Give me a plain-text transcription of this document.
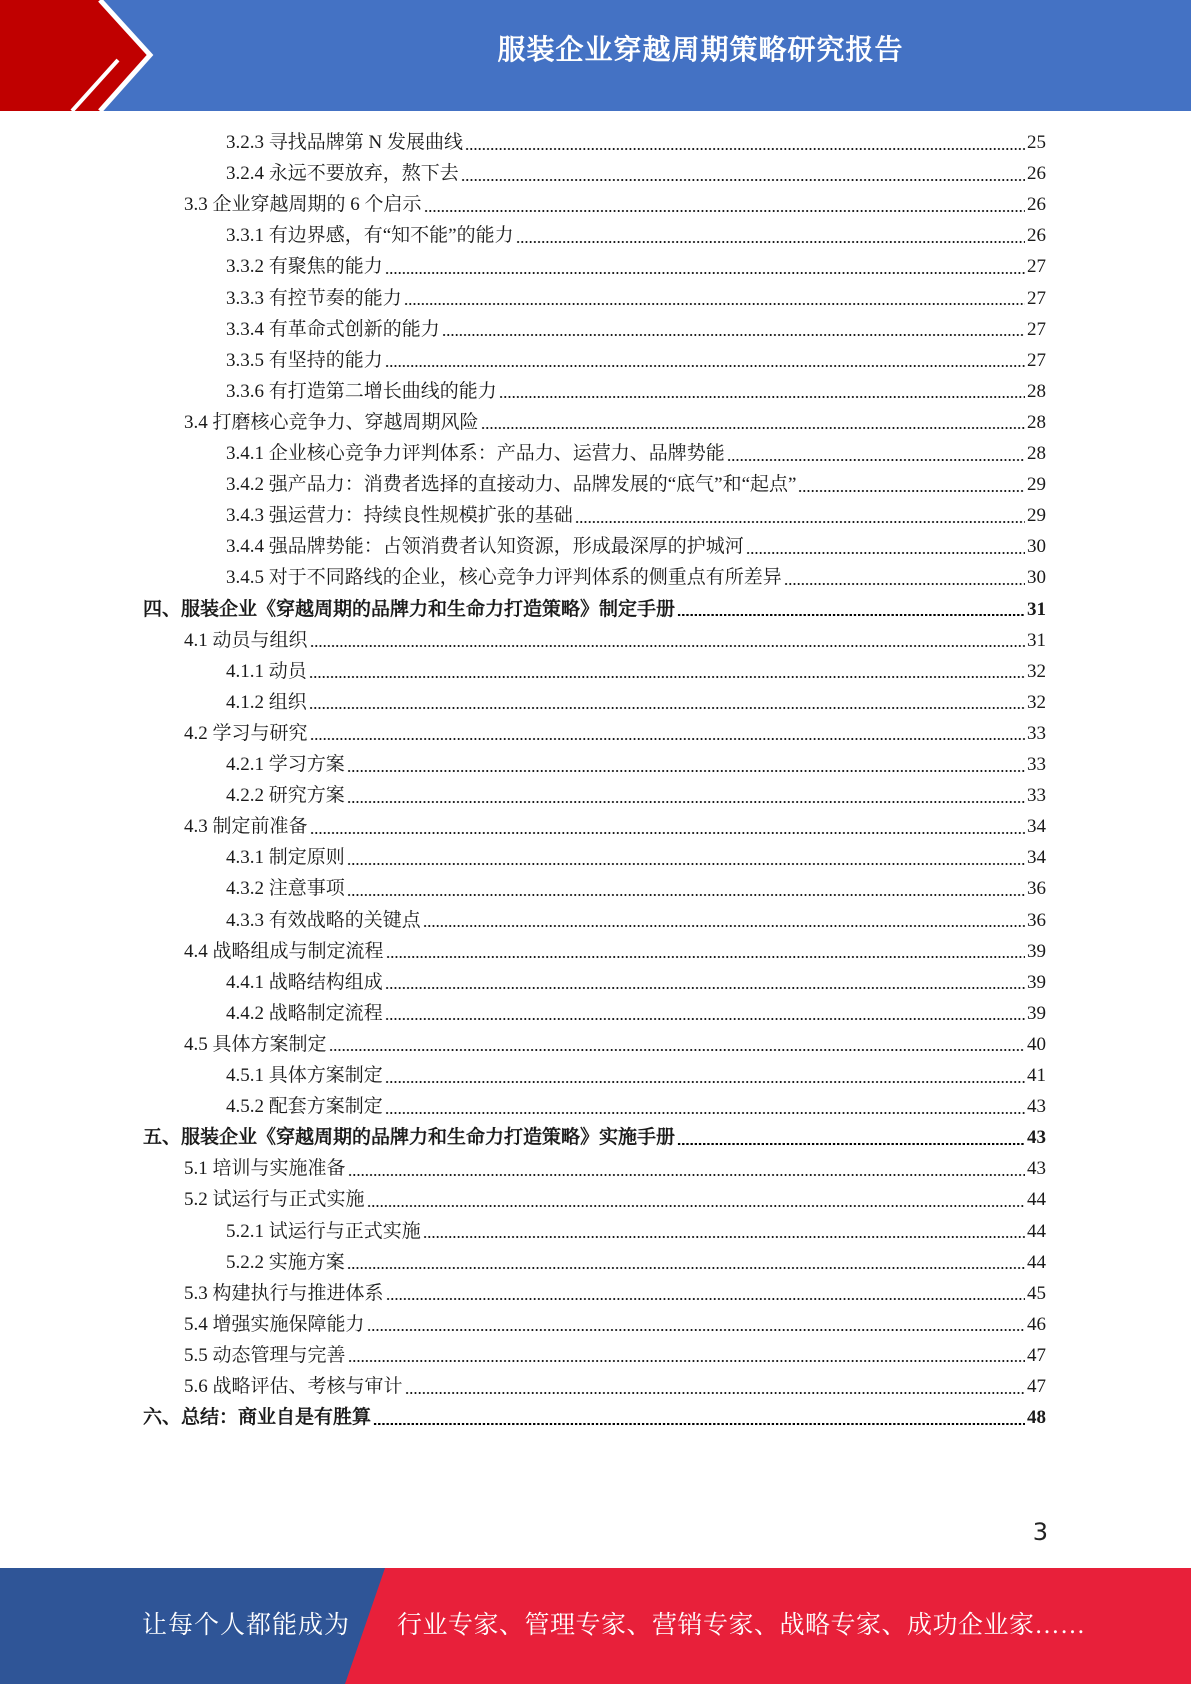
服装企业穿越周期策略研究报告
3.2.3 寻找品牌第 N 发展曲线	25
3.2.4 永远不要放弃，熬下去	26
3.3 企业穿越周期的 6 个启示	26
3.3.1 有边界感，有“知不能”的能力	26
3.3.2 有聚焦的能力	27
3.3.3 有控节奏的能力	27
3.3.4 有革命式创新的能力	27
3.3.5 有坚持的能力	27
3.3.6 有打造第二增长曲线的能力	28
3.4 打磨核心竞争力、穿越周期风险	28
3.4.1 企业核心竞争力评判体系：产品力、运营力、品牌势能	28
3.4.2 强产品力：消费者选择的直接动力、品牌发展的“底气”和“起点”	29
3.4.3 强运营力：持续良性规模扩张的基础	29
3.4.4 强品牌势能：占领消费者认知资源，形成最深厚的护城河	30
3.4.5 对于不同路线的企业，核心竞争力评判体系的侧重点有所差异	30
四、服装企业《穿越周期的品牌力和生命力打造策略》制定手册	31
4.1 动员与组织	31
4.1.1 动员	32
4.1.2 组织	32
4.2 学习与研究	33
4.2.1 学习方案	33
4.2.2 研究方案	33
4.3 制定前准备	34
4.3.1 制定原则	34
4.3.2 注意事项	36
4.3.3 有效战略的关键点	36
4.4 战略组成与制定流程	39
4.4.1 战略结构组成	39
4.4.2 战略制定流程	39
4.5 具体方案制定	40
4.5.1 具体方案制定	41
4.5.2 配套方案制定	43
五、服装企业《穿越周期的品牌力和生命力打造策略》实施手册	43
5.1 培训与实施准备	43
5.2 试运行与正式实施	44
5.2.1 试运行与正式实施	44
5.2.2 实施方案	44
5.3 构建执行与推进体系	45
5.4 增强实施保障能力	46
5.5 动态管理与完善	47
5.6 战略评估、考核与审计	47
六、总结：商业自是有胜算	48
3
让每个人都能成为 行业专家、管理专家、营销专家、战略专家、成功企业家……
